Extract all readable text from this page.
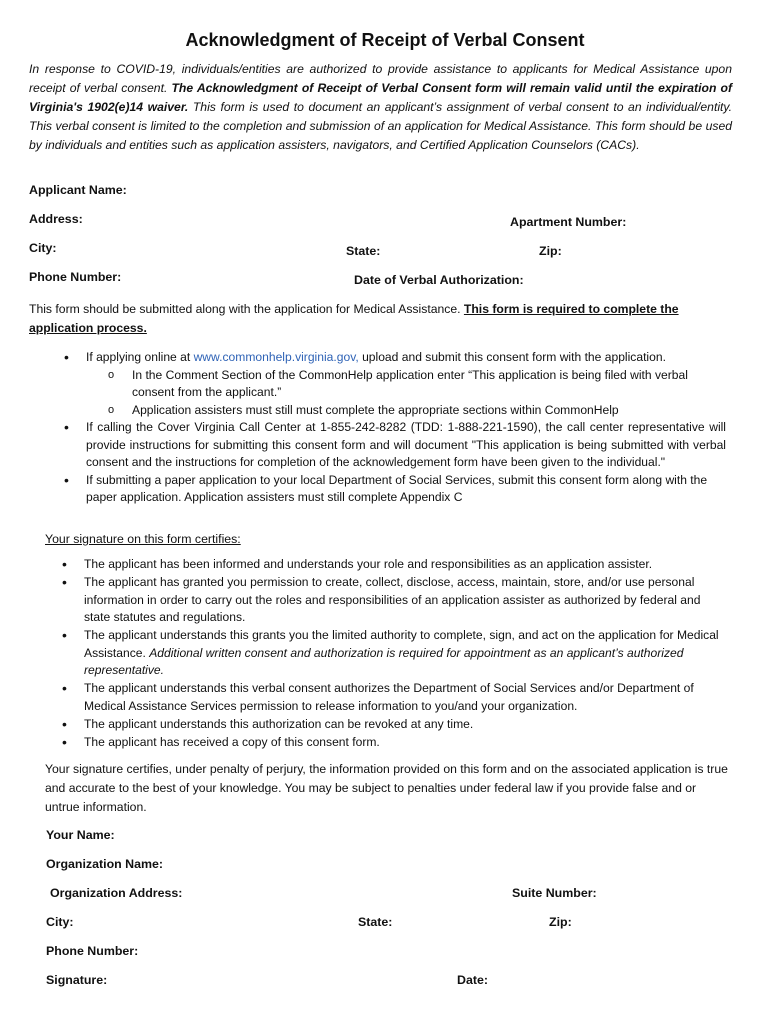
Acknowledgment of Receipt of Verbal Consent
In response to COVID-19, individuals/entities are authorized to provide assistance to applicants for Medical Assistance upon receipt of verbal consent. The Acknowledgment of Receipt of Verbal Consent form will remain valid until the expiration of Virginia's 1902(e)14 waiver. This form is used to document an applicant’s assignment of verbal consent to an individual/entity. This verbal consent is limited to the completion and submission of an application for Medical Assistance. This form should be used by individuals and entities such as application assisters, navigators, and Certified Application Counselors (CACs).
Applicant Name:
Address:	Apartment Number:
City:	State:	Zip:
Phone Number:	Date of Verbal Authorization:
This form should be submitted along with the application for Medical Assistance. This form is required to complete the application process.
• If applying online at www.commonhelp.virginia.gov, upload and submit this consent form with the application.
o In the Comment Section of the CommonHelp application enter “This application is being filed with verbal consent from the applicant.”
o Application assisters must still must complete the appropriate sections within CommonHelp
• If calling the Cover Virginia Call Center at 1-855-242-8282 (TDD: 1-888-221-1590), the call center representative will provide instructions for submitting this consent form and will document "This application is being submitted with verbal consent and the instructions for completion of the acknowledgement form have been given to the individual."
• If submitting a paper application to your local Department of Social Services, submit this consent form along with the paper application. Application assisters must still complete Appendix C
Your signature on this form certifies:
• The applicant has been informed and understands your role and responsibilities as an application assister.
• The applicant has granted you permission to create, collect, disclose, access, maintain, store, and/or use personal information in order to carry out the roles and responsibilities of an application assister as authorized by federal and state statutes and regulations.
• The applicant understands this grants you the limited authority to complete, sign, and act on the application for Medical Assistance. Additional written consent and authorization is required for appointment as an applicant’s authorized representative.
• The applicant understands this verbal consent authorizes the Department of Social Services and/or Department of Medical Assistance Services permission to release information to you/and your organization.
• The applicant understands this authorization can be revoked at any time.
• The applicant has received a copy of this consent form.
Your signature certifies, under penalty of perjury, the information provided on this form and on the associated application is true and accurate to the best of your knowledge. You may be subject to penalties under federal law if you provide false and or untrue information.
Your Name:
Organization Name:
Organization Address:	Suite Number:
City:	State:	Zip:
Phone Number:
Signature:	Date:
